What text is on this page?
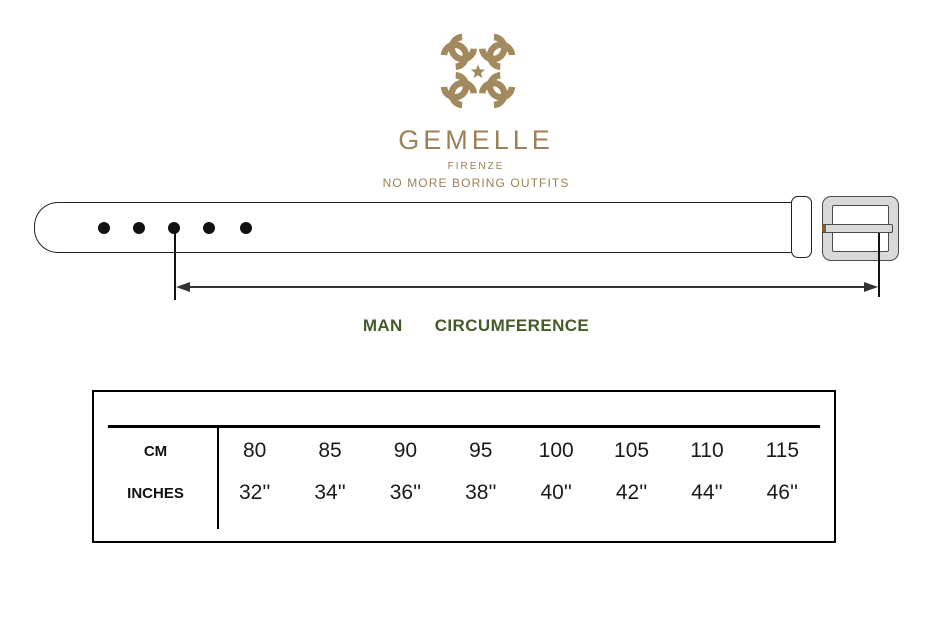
GEMELLE
FIRENZE
NO MORE BORING OUTFITS
MAN CIRCUMFERENCE
CM	80	85	90	95	100	105	110	115
INCHES	32''	34''	36''	38''	40''	42''	44''	46''
